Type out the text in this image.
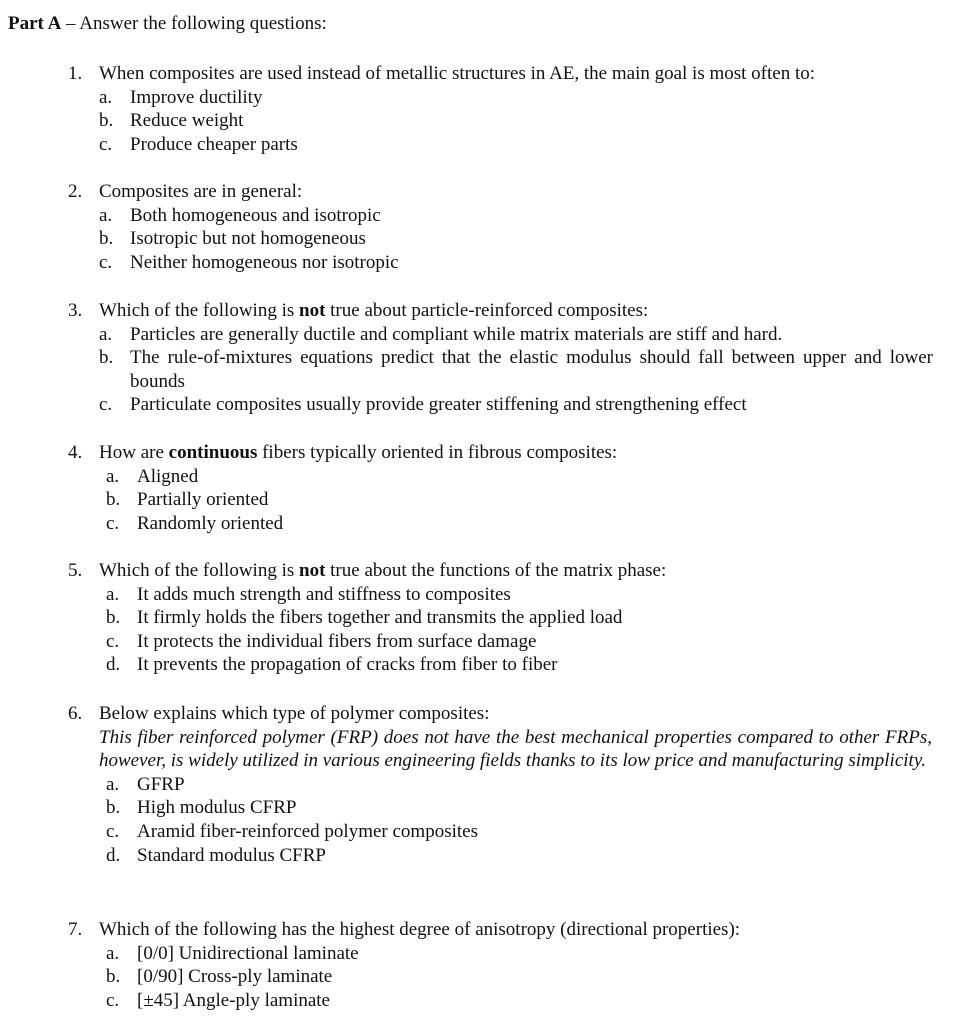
Part A – Answer the following questions:
1. When composites are used instead of metallic structures in AE, the main goal is most often to:
a. Improve ductility
b. Reduce weight
c. Produce cheaper parts
2. Composites are in general:
a. Both homogeneous and isotropic
b. Isotropic but not homogeneous
c. Neither homogeneous nor isotropic
3. Which of the following is not true about particle-reinforced composites:
a. Particles are generally ductile and compliant while matrix materials are stiff and hard.
b. The rule-of-mixtures equations predict that the elastic modulus should fall between upper and lower bounds
c. Particulate composites usually provide greater stiffening and strengthening effect
4. How are continuous fibers typically oriented in fibrous composites:
a. Aligned
b. Partially oriented
c. Randomly oriented
5. Which of the following is not true about the functions of the matrix phase:
a. It adds much strength and stiffness to composites
b. It firmly holds the fibers together and transmits the applied load
c. It protects the individual fibers from surface damage
d. It prevents the propagation of cracks from fiber to fiber
6. Below explains which type of polymer composites:
This fiber reinforced polymer (FRP) does not have the best mechanical properties compared to other FRPs, however, is widely utilized in various engineering fields thanks to its low price and manufacturing simplicity.
a. GFRP
b. High modulus CFRP
c. Aramid fiber-reinforced polymer composites
d. Standard modulus CFRP
7. Which of the following has the highest degree of anisotropy (directional properties):
a. [0/0] Unidirectional laminate
b. [0/90] Cross-ply laminate
c. [±45] Angle-ply laminate
